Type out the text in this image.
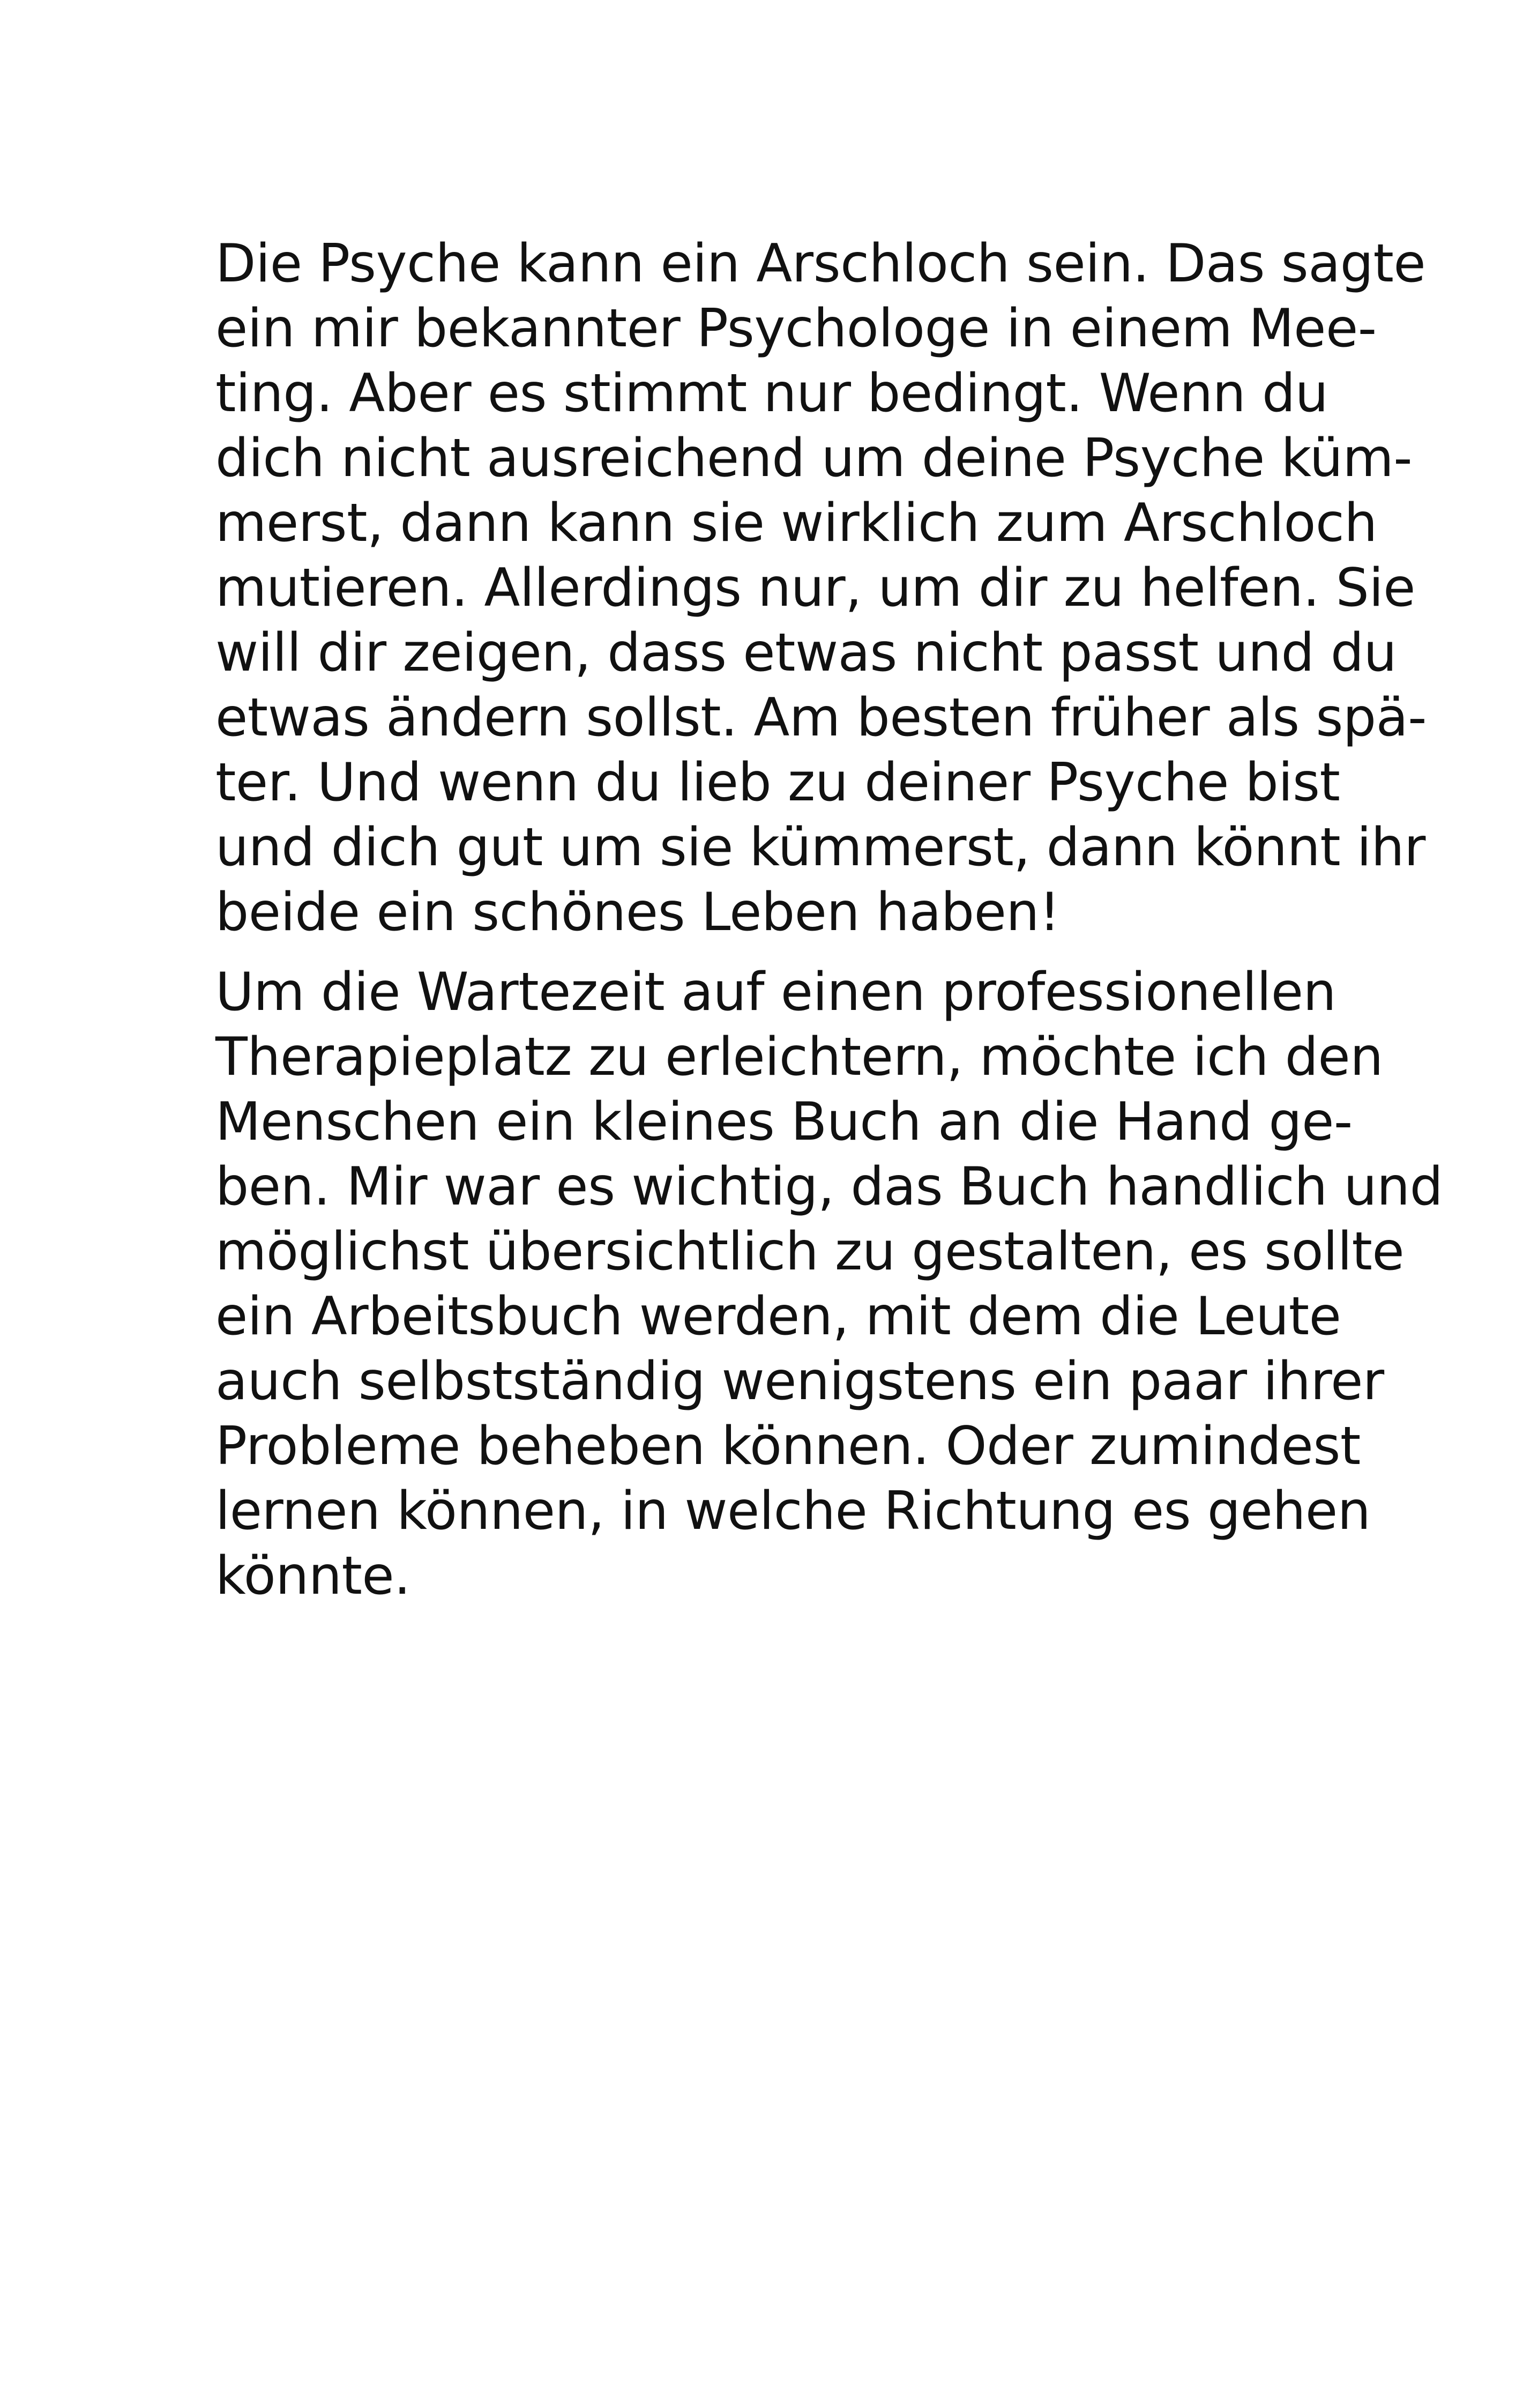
Die Psyche kann ein Arschloch sein. Das sagte
ein mir bekannter Psychologe in einem Mee-
ting. Aber es stimmt nur bedingt. Wenn du
dich nicht ausreichend um deine Psyche küm-
merst, dann kann sie wirklich zum Arschloch
mutieren. Allerdings nur, um dir zu helfen. Sie
will dir zeigen, dass etwas nicht passt und du
etwas ändern sollst. Am besten früher als spä-
ter. Und wenn du lieb zu deiner Psyche bist
und dich gut um sie kümmerst, dann könnt ihr
beide ein schönes Leben haben!
Um die Wartezeit auf einen professionellen
Therapieplatz zu erleichtern, möchte ich den
Menschen ein kleines Buch an die Hand ge-
ben. Mir war es wichtig, das Buch handlich und
möglichst übersichtlich zu gestalten, es sollte
ein Arbeitsbuch werden, mit dem die Leute
auch selbstständig wenigstens ein paar ihrer
Probleme beheben können. Oder zumindest
lernen können, in welche Richtung es gehen
könnte.
